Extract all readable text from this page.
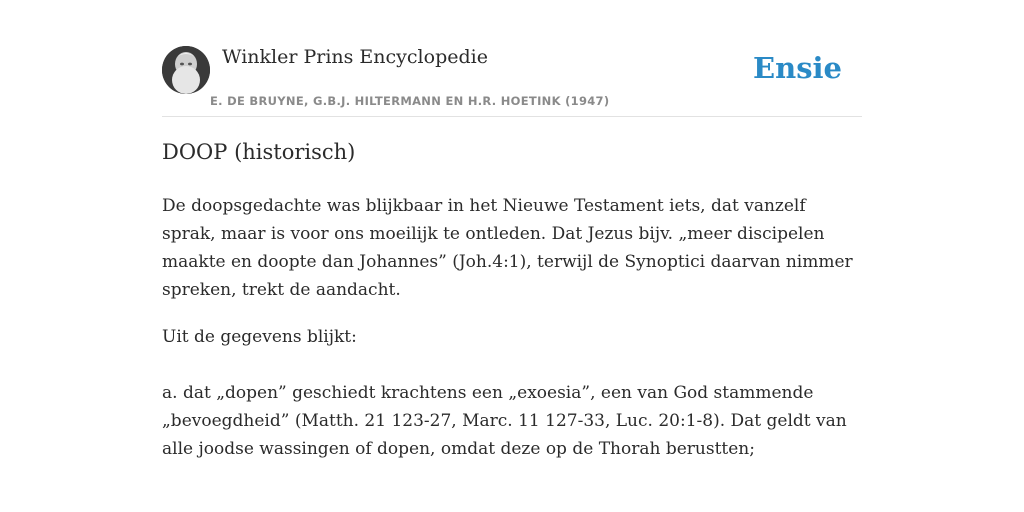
Winkler Prins Encyclopedie
E. DE BRUYNE, G.B.J. HILTERMANN EN H.R. HOETINK (1947)
Ensie
DOOP (historisch)

De doopsgedachte was blijkbaar in het Nieuwe Testament iets, dat vanzelf sprak, maar is voor ons moeilijk te ontleden. Dat Jezus bijv. „meer discipelen maakte en doopte dan Johannes” (Joh.4:1), terwijl de Synoptici daarvan nimmer spreken, trekt de aandacht.

Uit de gegevens blijkt:

a. dat „dopen” geschiedt krachtens een „exoesia”, een van God stammende „bevoegdheid” (Matth. 21 123-27, Marc. 11 127-33, Luc. 20:1-8). Dat geldt van alle joodse wassingen of dopen, omdat deze op de Thorah berustten;
